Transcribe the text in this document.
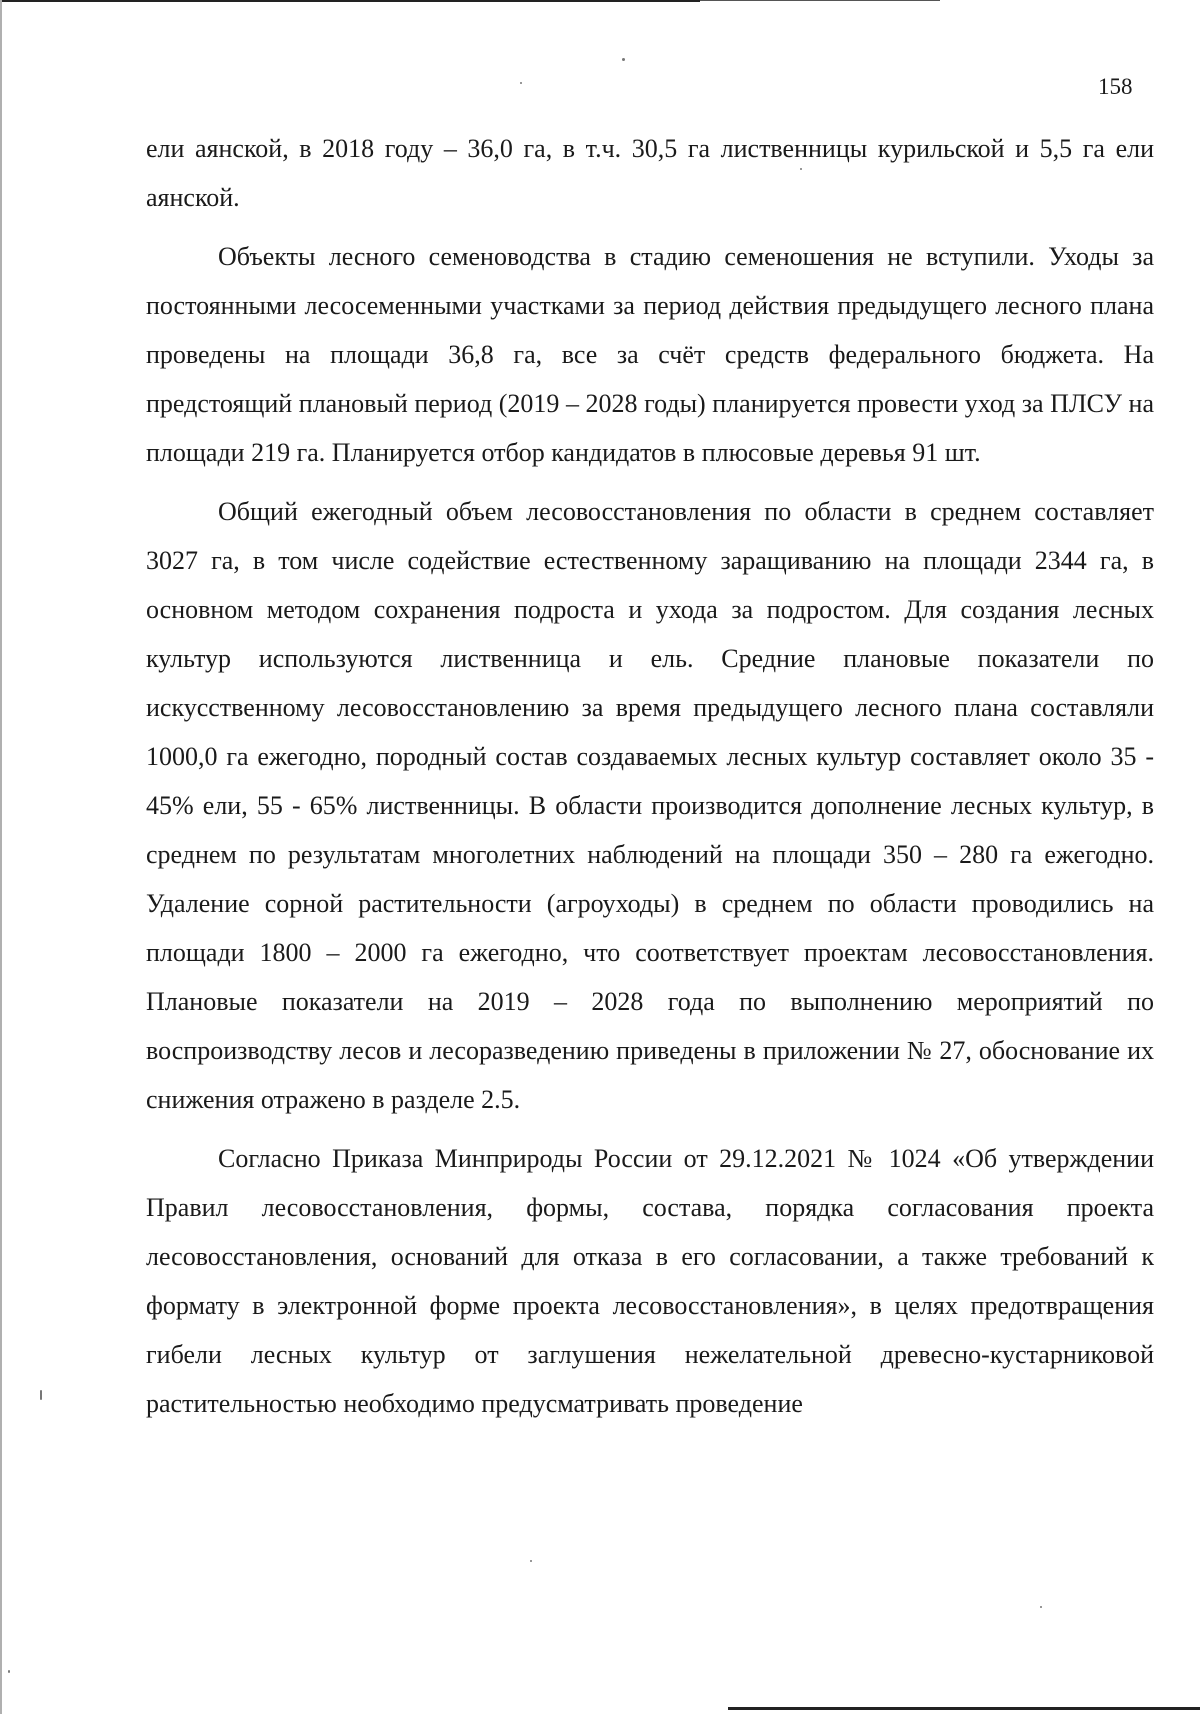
158

ели аянской, в 2018 году – 36,0 га, в т.ч. 30,5 га лиственницы курильской и 5,5 га ели аянской.

Объекты лесного семеноводства в стадию семеношения не вступили. Уходы за постоянными лесосеменными участками за период действия предыдущего лесного плана проведены на площади 36,8 га, все за счёт средств федерального бюджета. На предстоящий плановый период (2019 – 2028 годы) планируется провести уход за ПЛСУ на площади 219 га. Планируется отбор кандидатов в плюсовые деревья 91 шт.

Общий ежегодный объем лесовосстановления по области в среднем составляет 3027 га, в том числе содействие естественному заращиванию на площади 2344 га, в основном методом сохранения подроста и ухода за подростом. Для создания лесных культур используются лиственница и ель. Средние плановые показатели по искусственному лесовосстановлению за время предыдущего лесного плана составляли 1000,0 га ежегодно, породный состав создаваемых лесных культур составляет около 35 - 45% ели, 55 - 65% лиственницы. В области производится дополнение лесных культур, в среднем по результатам многолетних наблюдений на площади 350 – 280 га ежегодно. Удаление сорной растительности (агроуходы) в среднем по области проводились на площади 1800 – 2000 га ежегодно, что соответствует проектам лесовосстановления. Плановые показатели на 2019 – 2028 года по выполнению мероприятий по воспроизводству лесов и лесоразведению приведены в приложении № 27, обоснование их снижения отражено в разделе 2.5.

Согласно Приказа Минприроды России от 29.12.2021 № 1024 «Об утверждении Правил лесовосстановления, формы, состава, порядка согласования проекта лесовосстановления, оснований для отказа в его согласовании, а также требований к формату в электронной форме проекта лесовосстановления», в целях предотвращения гибели лесных культур от заглушения нежелательной древесно-кустарниковой растительностью необходимо предусматривать проведение
